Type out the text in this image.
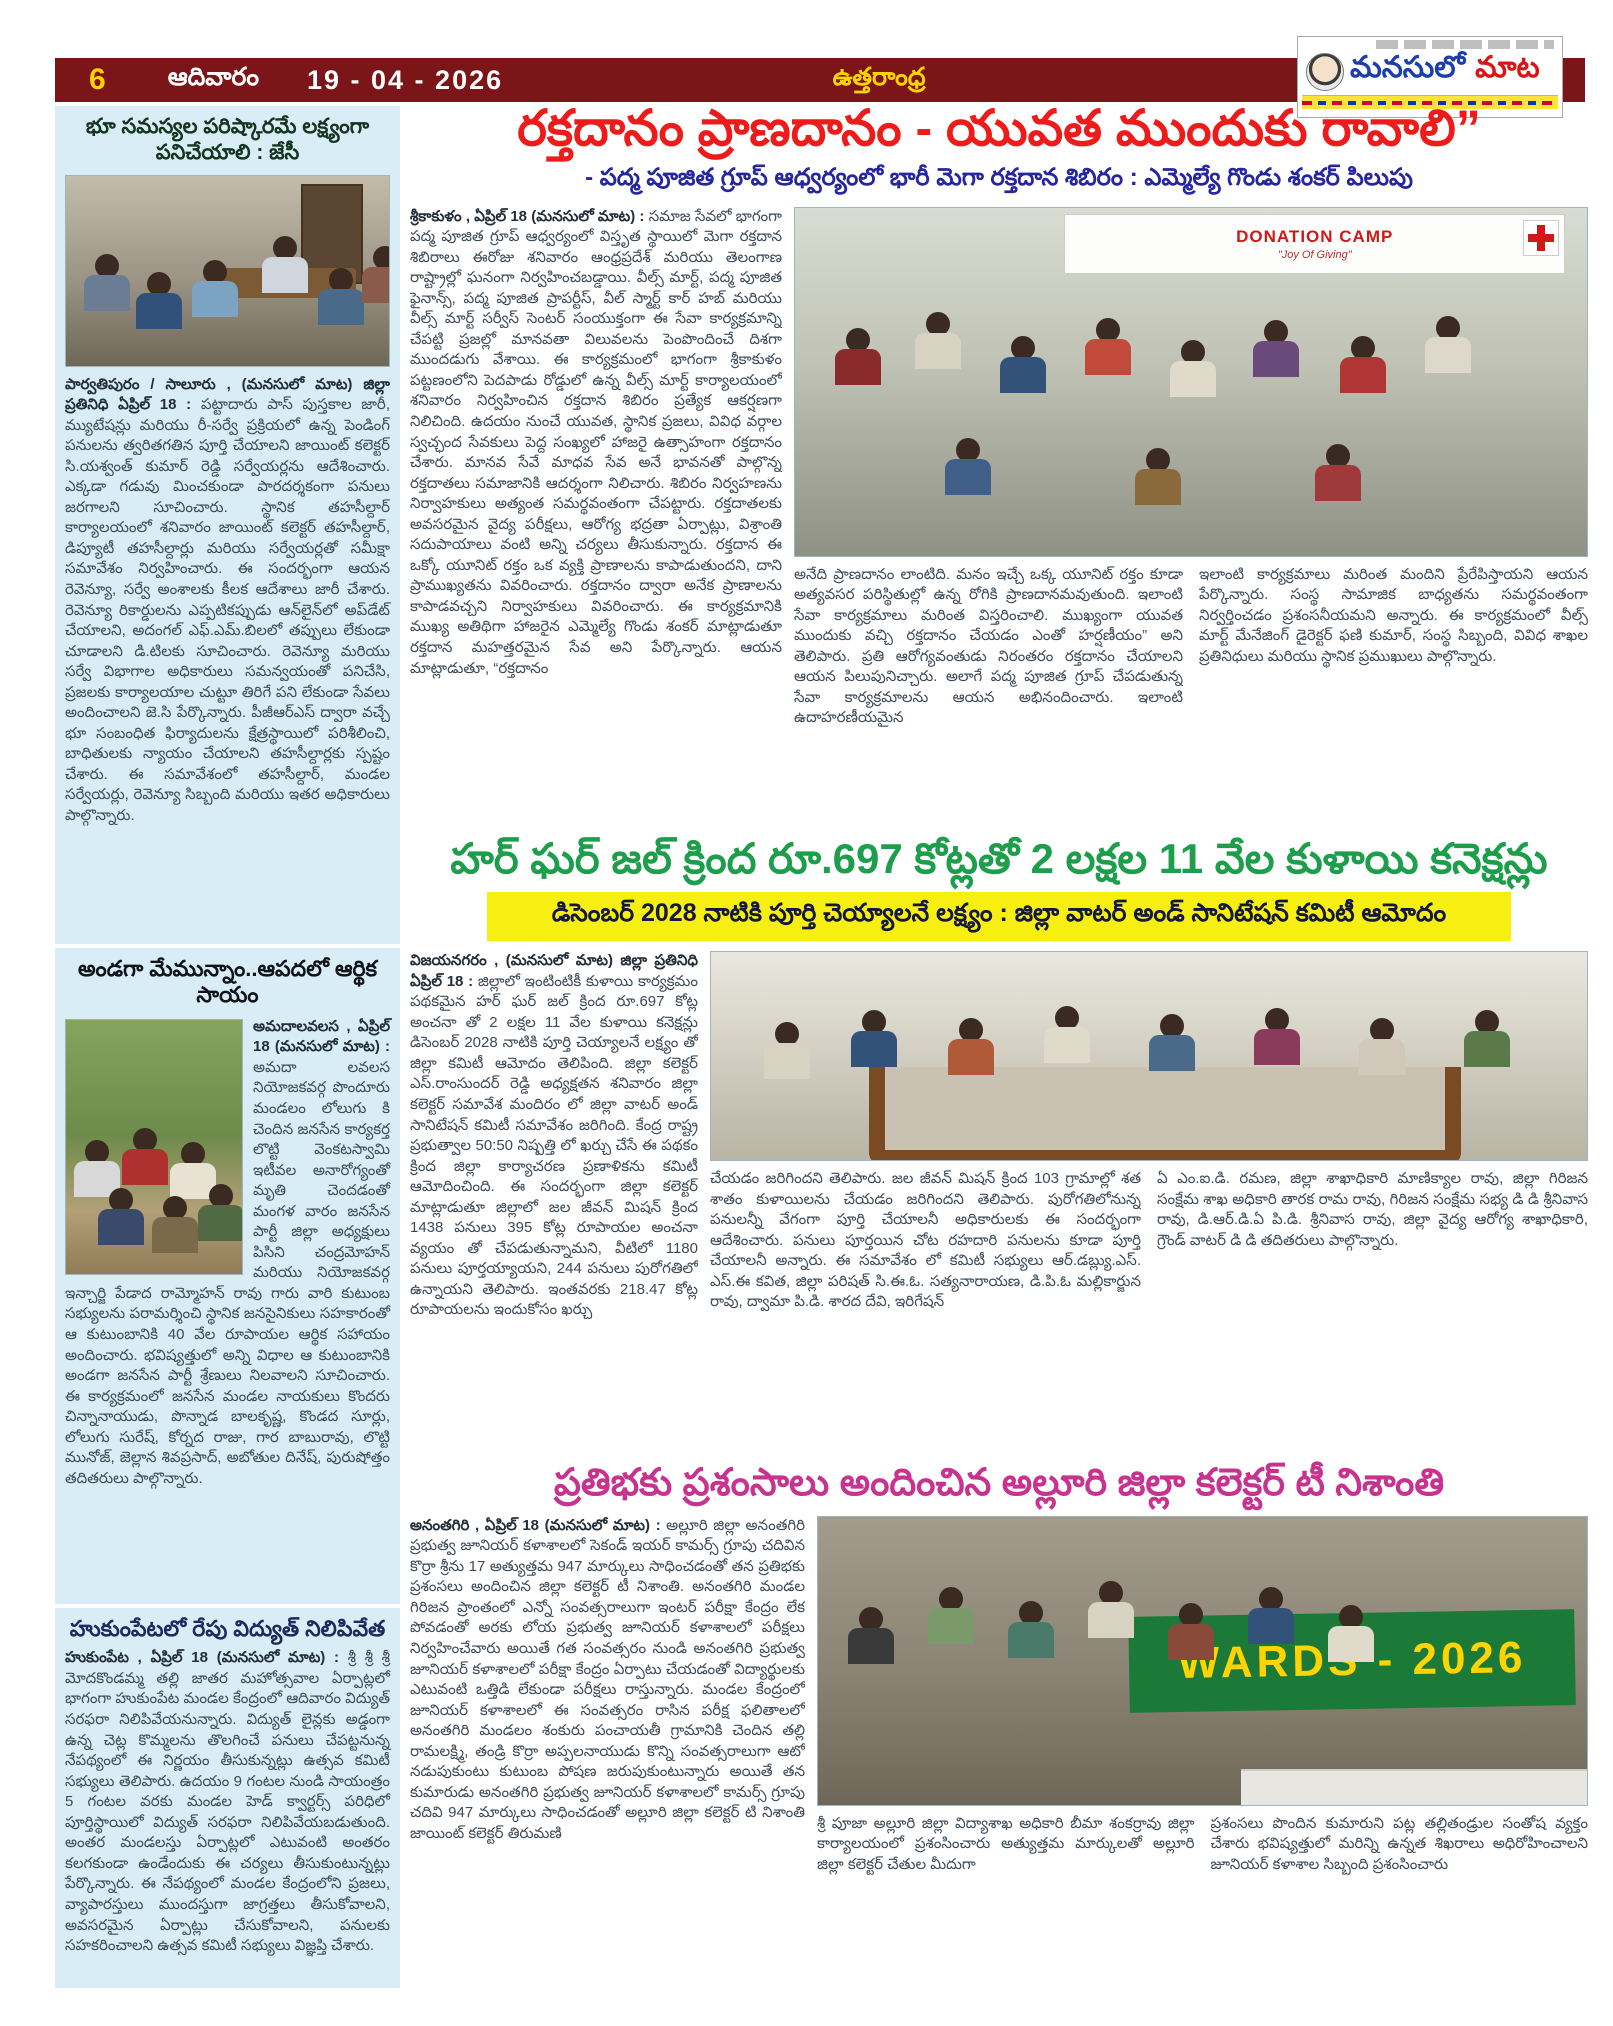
6 ఆదివారం 19 - 04 - 2026	ఉత్తరాంధ్ర	మనసులో మాట
భూ సమస్యల పరిష్కారమే లక్ష్యంగా పనిచేయాలి : జేసీ
పార్వతిపురం / సాలూరు , (మనసులో మాట) జిల్లా ప్రతినిధి ఏప్రిల్ 18 : పట్టాదారు పాస్ పుస్తకాల జారీ, మ్యుటేషన్లు మరియు రీ-సర్వే ప్రక్రియలో ఉన్న పెండింగ్ పనులను త్వరితగతిన పూర్తి చేయాలని జాయింట్ కలెక్టర్ సి.యశ్వంత్ కుమార్ రెడ్డి సర్వేయర్లను ఆదేశించారు. ఎక్కడా గడువు మించకుండా పారదర్శకంగా పనులు జరగాలని సూచించారు. స్థానిక తహసీల్దార్ కార్యాలయంలో శనివారం జాయింట్ కలెక్టర్ తహసీల్దార్, డిప్యూటీ తహసీల్దార్లు మరియు సర్వేయర్లతో సమీక్షా సమావేశం నిర్వహించారు. ఈ సందర్భంగా ఆయన రెవెన్యూ, సర్వే అంశాలకు కీలక ఆదేశాలు జారీ చేశారు. రెవెన్యూ రికార్డులను ఎప్పటికప్పుడు ఆన్‌లైన్‌లో అప్‌డేట్ చేయాలని, అదంగల్ ఎఫ్.ఎమ్.బిలలో తప్పులు లేకుండా చూడాలని డి.టిలకు సూచించారు. రెవెన్యూ మరియు సర్వే విభాగాల అధికారులు సమన్వయంతో పనిచేసి, ప్రజలకు కార్యాలయాల చుట్టూ తిరిగే పని లేకుండా సేవలు అందించాలని జె.సి పేర్కొన్నారు. పీజీఆర్ఎస్ ద్వారా వచ్చే భూ సంబంధిత ఫిర్యాదులను క్షేత్రస్థాయిలో పరిశీలించి, బాధితులకు న్యాయం చేయాలని తహసీల్దార్లకు స్పష్టం చేశారు. ఈ సమావేశంలో తహసీల్దార్, మండల సర్వేయర్లు, రెవెన్యూ సిబ్బంది మరియు ఇతర అధికారులు పాల్గొన్నారు.
అండగా మేమున్నాం..ఆపదలో ఆర్థిక సాయం
అమదాలవలస , ఏప్రిల్ 18 (మనసులో మాట) : అమదా లవలస నియోజకవర్గ పొందూరు మండలం లోలుగు కి చెందిన జనసేన కార్యకర్త లొట్టి వెంకటస్వామి ఇటీవల అనారోగ్యంతో మృతి చెందడంతో మంగళ వారం జనసేన పార్టీ జిల్లా అధ్యక్షులు పిసిని చంద్రమోహన్ మరియు నియోజకవర్గ ఇన్చార్జి పేడాద రామ్మోహన్ రావు గారు వారి కుటుంబ సభ్యులను పరామర్శించి స్థానిక జనసైనికులు సహకారంతో ఆ కుటుంబానికి 40 వేల రూపాయల ఆర్థిక సహాయం అందించారు. భవిష్యత్తులో అన్ని విధాల ఆ కుటుంబానికి అండగా జనసేన పార్టీ శ్రేణులు నిలవాలని సూచించారు. ఈ కార్యక్రమంలో జనసేన మండల నాయకులు కొందరు చిన్నానాయుడు, పొన్నాడ బాలకృష్ణ, కొండద సూర్లు, లోలుగు సురేష్, కోర్నద రాజు, గార బాబురావు, లొట్టి మునోజ్, జెల్లాన శివప్రసాద్, అబోతుల దినేష్, పురుషోత్తం తదితరులు పాల్గొన్నారు.
హుకుంపేటలో రేపు విద్యుత్ నిలిపివేత
హుకుంపేట , ఏప్రిల్ 18 (మనసులో మాట) : శ్రీ శ్రీ శ్రీ మోదకొండమ్మ తల్లి జాతర మహోత్సవాల ఏర్పాట్లలో భాగంగా హుకుంపేట మండల కేంద్రంలో ఆదివారం విద్యుత్ సరఫరా నిలిపివేయనున్నారు. విద్యుత్ లైన్లకు అడ్డంగా ఉన్న చెట్ల కొమ్మలను తొలగించే పనులు చేపట్టనున్న నేపథ్యంలో ఈ నిర్ణయం తీసుకున్నట్లు ఉత్సవ కమిటీ సభ్యులు తెలిపారు. ఉదయం 9 గంటల నుండి సాయంత్రం 5 గంటల వరకు మండల హెడ్ క్వార్టర్స్ పరిధిలో పూర్తిస్థాయిలో విద్యుత్ సరఫరా నిలిపివేయబడుతుంది. అంతర మండలస్తు ఏర్పాట్లలో ఎటువంటి అంతరం కలగకుండా ఉండేందుకు ఈ చర్యలు తీసుకుంటున్నట్లు పేర్కొన్నారు. ఈ నేపథ్యంలో మండల కేంద్రంలోని ప్రజలు, వ్యాపారస్తులు ముందస్తుగా జాగ్రత్తలు తీసుకోవాలని, అవసరమైన ఏర్పాట్లు చేసుకోవాలని, పనులకు సహకరించాలని ఉత్సవ కమిటీ సభ్యులు విజ్ఞప్తి చేశారు.
రక్తదానం ప్రాణదానం - యువత ముందుకు రావాలి”
- పద్మ పూజిత గ్రూప్ ఆధ్వర్యంలో భారీ మెగా రక్తదాన శిబిరం : ఎమ్మెల్యే గొండు శంకర్ పిలుపు
శ్రీకాకుళం , ఏప్రిల్ 18 (మనసులో మాట) : సమాజ సేవలో భాగంగా పద్మ పూజిత గ్రూప్ ఆధ్వర్యంలో విస్తృత స్థాయిలో మెగా రక్తదాన శిబిరాలు ఈరోజు శనివారం ఆంధ్రప్రదేశ్ మరియు తెలంగాణ రాష్ట్రాల్లో ఘనంగా నిర్వహించబడ్డాయి. వీల్స్ మార్ట్, పద్మ పూజిత ఫైనాన్స్, పద్మ పూజిత ప్రాపర్టీస్, వీల్ స్మార్ట్ కార్ హబ్ మరియు వీల్స్ మార్ట్ సర్వీస్ సెంటర్ సంయుక్తంగా ఈ సేవా కార్యక్రమాన్ని చేపట్టి ప్రజల్లో మానవతా విలువలను పెంపొందించే దిశగా ముందడుగు వేశాయి. ఈ కార్యక్రమంలో భాగంగా శ్రీకాకుళం పట్టణంలోని పెదపాడు రోడ్డులో ఉన్న వీల్స్ మార్ట్ కార్యాలయంలో శనివారం నిర్వహించిన రక్తదాన శిబిరం ప్రత్యేక ఆకర్షణగా నిలిచింది. ఉదయం నుంచే యువత, స్థానిక ప్రజలు, వివిధ వర్గాల స్వచ్ఛంద సేవకులు పెద్ద సంఖ్యలో హాజరై ఉత్సాహంగా రక్తదానం చేశారు. మానవ సేవే మాధవ సేవ అనే భావనతో పాల్గొన్న రక్తదాతలు సమాజానికి ఆదర్శంగా నిలిచారు. శిబిరం నిర్వహణను నిర్వాహకులు అత్యంత సమర్థవంతంగా చేపట్టారు. రక్తదాతలకు అవసరమైన వైద్య పరీక్షలు, ఆరోగ్య భద్రతా ఏర్పాట్లు, విశ్రాంతి సదుపాయాలు వంటి అన్ని చర్యలు తీసుకున్నారు. రక్తదాన ఈ ఒక్కో యూనిట్ రక్తం ఒక వ్యక్తి ప్రాణాలను కాపాడుతుందని, దాని ప్రాముఖ్యతను వివరించారు. రక్తదానం ద్వారా అనేక ప్రాణాలను కాపాడవచ్చని నిర్వాహకులు వివరించారు. ఈ కార్యక్రమానికి ముఖ్య అతిథిగా హాజరైన ఎమ్మెల్యే గొండు శంకర్ మాట్లాడుతూ రక్తదాన మహత్తరమైన సేవ అని పేర్కొన్నారు. ఆయన మాట్లాడుతూ, “రక్తదానం
DONATION CAMP
"Joy Of Giving"
అనేది ప్రాణదానం లాంటిది. మనం ఇచ్చే ఒక్క యూనిట్ రక్తం కూడా అత్యవసర పరిస్థితుల్లో ఉన్న రోగికి ప్రాణదానమవుతుంది. ఇలాంటి సేవా కార్యక్రమాలు మరింత విస్తరించాలి. ముఖ్యంగా యువత ముందుకు వచ్చి రక్తదానం చేయడం ఎంతో హర్షణీయం” అని తెలిపారు. ప్రతి ఆరోగ్యవంతుడు నిరంతరం రక్తదానం చేయాలని ఆయన పిలుపునిచ్చారు. అలాగే పద్మ పూజిత గ్రూప్ చేపడుతున్న సేవా కార్యక్రమాలను ఆయన అభినందించారు. ఇలాంటి ఉదాహరణీయమైన
ఇలాంటి కార్యక్రమాలు మరింత మందిని ప్రేరేపిస్తాయని ఆయన పేర్కొన్నారు. సంస్థ సామాజిక బాధ్యతను సమర్థవంతంగా నిర్వర్తించడం ప్రశంసనీయమని అన్నారు. ఈ కార్యక్రమంలో వీల్స్ మార్ట్ మేనేజింగ్ డైరెక్టర్ ఫణి కుమార్, సంస్థ సిబ్బంది, వివిధ శాఖల ప్రతినిధులు మరియు స్థానిక ప్రముఖులు పాల్గొన్నారు.
హర్ ఘర్ జల్ క్రింద రూ.697 కోట్లతో 2 లక్షల 11 వేల కుళాయి కనెక్షన్లు
డిసెంబర్ 2028 నాటికి పూర్తి చెయ్యాలనే లక్ష్యం : జిల్లా వాటర్ అండ్ సానిటేషన్ కమిటీ ఆమోదం
విజయనగరం , (మనసులో మాట) జిల్లా ప్రతినిధి ఏప్రిల్ 18 : జిల్లాలో ఇంటింటికీ కుళాయి కార్యక్రమం పథకమైన హర్ ఘర్ జల్ క్రింద రూ.697 కోట్ల అంచనా తో 2 లక్షల 11 వేల కుళాయి కనెక్షన్లు డిసెంబర్ 2028 నాటికి పూర్తి చెయ్యాలనే లక్ష్యం తో జిల్లా కమిటీ ఆమోదం తెలిపింది. జిల్లా కలెక్టర్ ఎస్.రాంసుందర్ రెడ్డి అధ్యక్షతన శనివారం జిల్లా కలెక్టర్ సమావేశ మందిరం లో జిల్లా వాటర్ అండ్ సానిటేషన్ కమిటీ సమావేశం జరిగింది. కేంద్ర రాష్ట్ర ప్రభుత్వాల 50:50 నిష్పత్తి లో ఖర్చు చేసే ఈ పథకం క్రింద జిల్లా కార్యాచరణ ప్రణాళికను కమిటీ ఆమోదించింది. ఈ సందర్భంగా జిల్లా కలెక్టర్ మాట్లాడుతూ జిల్లాలో జల జీవన్ మిషన్ క్రింద 1438 పనులు 395 కోట్ల రూపాయల అంచనా వ్యయం తో చేపడుతున్నామని, వీటిలో 1180 పనులు పూర్తయ్యాయని, 244 పనులు పురోగతిలో ఉన్నాయని తెలిపారు. ఇంతవరకు 218.47 కోట్ల రూపాయలను ఇందుకోసం ఖర్చు
చేయడం జరిగిందని తెలిపారు. జల జీవన్ మిషన్ క్రింద 103 గ్రామాల్లో శత శాతం కుళాయిలను చేయడం జరిగిందని తెలిపారు. పురోగతిలోనున్న పనులన్నీ వేగంగా పూర్తి చేయాలనీ అధికారులకు ఈ సందర్భంగా ఆదేశించారు. పనులు పూర్తయిన చోట రహదారి పనులను కూడా పూర్తి చేయాలనీ అన్నారు. ఈ సమావేశం లో కమిటీ సభ్యులు ఆర్.డబ్ల్యు.ఎస్. ఎస్.ఈ కవిత, జిల్లా పరిషత్ సి.ఈ.ఓ. సత్యనారాయణ, డి.పి.ఓ మల్లికార్జున రావు, ద్వామా పి.డి. శారద దేవి, ఇరిగేషన్
ఏ ఎం.ఐ.డి. రమణ, జిల్లా శాఖాధికారి మాణిక్యాల రావు, జిల్లా గిరిజన సంక్షేమ శాఖ అధికారి తారక రామ రావు, గిరిజన సంక్షేమ సభ్య డి డి శ్రీనివాస రావు, డి.ఆర్.డి.ఏ పి.డి. శ్రీనివాస రావు, జిల్లా వైద్య ఆరోగ్య శాఖాధికారి, గ్రౌండ్ వాటర్ డి డి తదితరులు పాల్గొన్నారు.
ప్రతిభకు ప్రశంసాలు అందించిన అల్లూరి జిల్లా కలెక్టర్ టీ నిశాంతి
అనంతగిరి , ఏప్రిల్ 18 (మనసులో మాట) : అల్లూరి జిల్లా అనంతగిరి ప్రభుత్వ జూనియర్ కళాశాలలో సెకండ్ ఇయర్ కామర్స్ గ్రూపు చదివిన కొర్రా శ్రీను 17 అత్యుత్తమ 947 మార్కులు సాధించడంతో తన ప్రతిభకు ప్రశంసలు అందించిన జిల్లా కలెక్టర్ టీ నిశాంతి. అనంతగిరి మండల గిరిజన ప్రాంతంలో ఎన్నో సంవత్సరాలుగా ఇంటర్ పరీక్షా కేంద్రం లేక పోవడంతో అరకు లోయ ప్రభుత్వ జూనియర్ కళాశాలలో పరీక్షలు నిర్వహించేవారు అయితే గత సంవత్సరం నుండి అనంతగిరి ప్రభుత్వ జూనియర్ కళాశాలలో పరీక్షా కేంద్రం ఏర్పాటు చేయడంతో విద్యార్థులకు ఎటువంటి ఒత్తిడి లేకుండా పరీక్షలు రాస్తున్నారు. మండల కేంద్రంలో జూనియర్ కళాశాలలో ఈ సంవత్సరం రాసిన పరీక్ష ఫలితాలలో అనంతగిరి మండలం శంకురు పంచాయతీ గ్రామానికి చెందిన తల్లి రామలక్ష్మి, తండ్రి కొర్రా అప్పలనాయుడు కొన్ని సంవత్సరాలుగా ఆటో నడుపుకుంటు కుటుంబ పోషణ జరుపుకుంటున్నారు అయితే తన కుమారుడు అనంతగిరి ప్రభుత్వ జూనియర్ కళాశాలలో కామర్స్ గ్రూపు చదివి 947 మార్కులు సాధించడంతో అల్లూరి జిల్లా కలెక్టర్ టి నిశాంతి జాయింట్ కలెక్టర్ తిరుమణి
WARDS - 2026
శ్రీ పూజా అల్లూరి జిల్లా విద్యాశాఖ అధికారి బీమా శంకర్రావు జిల్లా కార్యాలయంలో ప్రశంసించారు అత్యుత్తమ మార్కులతో అల్లూరి జిల్లా కలెక్టర్ చేతుల మీదుగా
ప్రశంసలు పొందిన కుమారుని పట్ల తల్లితండ్రుల సంతోష వ్యక్తం చేశారు భవిష్యత్తులో మరిన్ని ఉన్నత శిఖరాలు అధిరోహించాలని జూనియర్ కళాశాల సిబ్బంది ప్రశంసించారు
